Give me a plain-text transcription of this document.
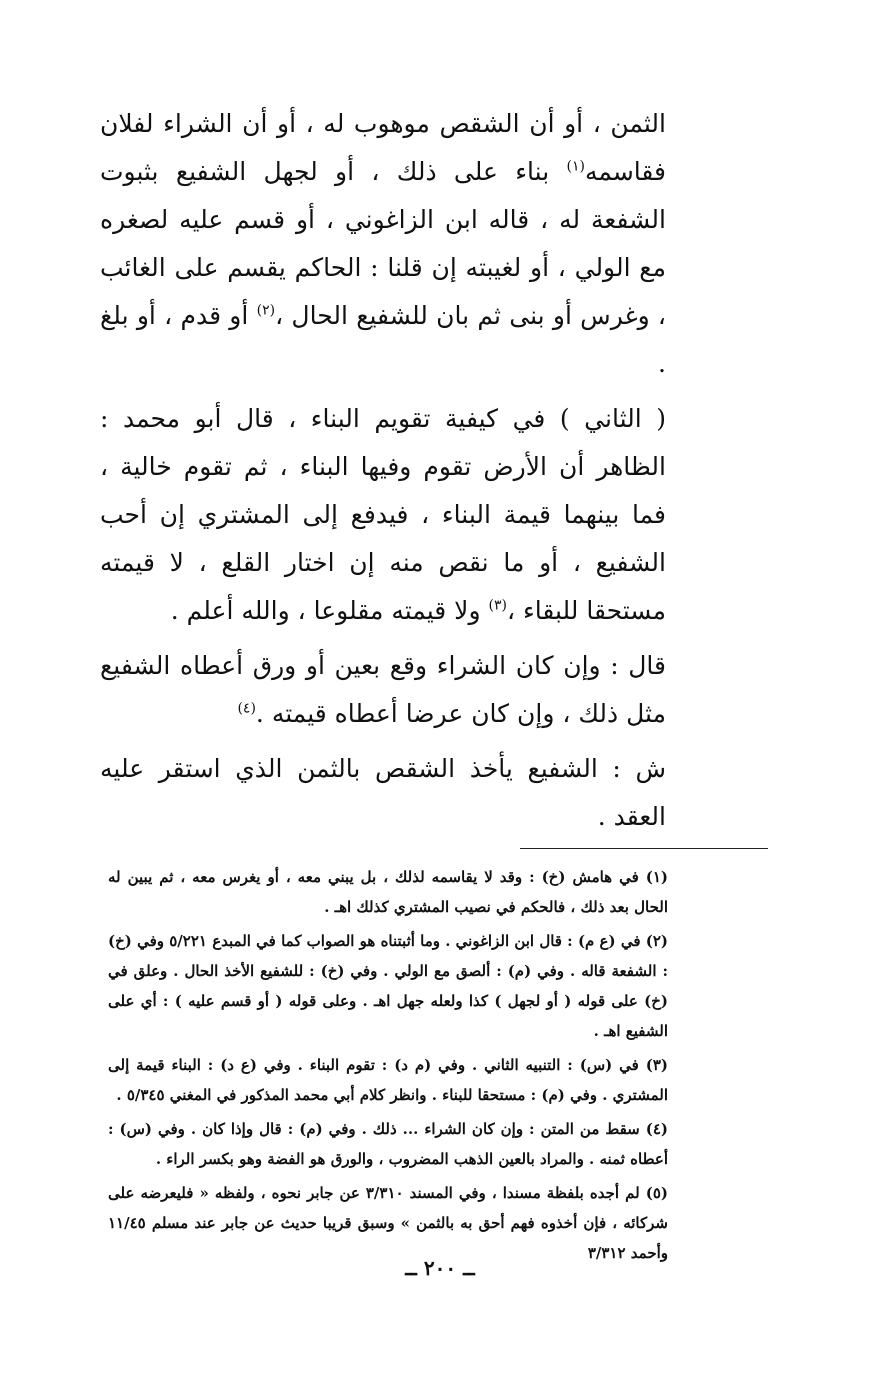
الثمن ، أو أن الشقص موهوب له ، أو أن الشراء لفلان فقاسمه$^{(١)}$ بناء على ذلك ، أو لجهل الشفيع بثبوت الشفعة له ، قاله ابن الزاغوني ، أو قسم عليه لصغره مع الولي ، أو لغيبته إن قلنا : الحاكم يقسم على الغائب ، وغرس أو بنى ثم بان للشفيع الحال ،$^{(٢)}$ أو قدم ، أو بلغ .

( الثاني ) في كيفية تقويم البناء ، قال أبو محمد : الظاهر أن الأرض تقوم وفيها البناء ، ثم تقوم خالية ، فما بينهما قيمة البناء ، فيدفع إلى المشتري إن أحب الشفيع ، أو ما نقص منه إن اختار القلع ، لا قيمته مستحقا للبقاء ،$^{(٣)}$ ولا قيمته مقلوعا ، والله أعلم .

قال : وإن كان الشراء وقع بعين أو ورق أعطاه الشفيع مثل ذلك ، وإن كان عرضا أعطاه قيمته .$^{(٤)}$

ش : الشفيع يأخذ الشقص بالثمن الذي استقر عليه العقد .

(١) في هامش (خ) : وقد لا يقاسمه لذلك ، بل يبني معه ، أو يغرس معه ، ثم يبين له الحال بعد ذلك ، فالحكم في نصيب المشتري كذلك اهـ .

(٢) في (ع م) : قال ابن الزاغوني . وما أثبتناه هو الصواب كما في المبدع ٥/٢٢١ وفي (خ) : الشفعة قاله . وفي (م) : ألصق مع الولي . وفي (خ) : للشفيع الأخذ الحال . وعلق في (خ) على قوله ( أو لجهل ) كذا ولعله جهل اهـ . وعلى قوله ( أو قسم عليه ) : أي على الشفيع اهـ .

(٣) في (س) : التنبيه الثاني . وفي (م د) : تقوم البناء . وفي (ع د) : البناء قيمة إلى المشتري . وفي (م) : مستحقا للبناء . وانظر كلام أبي محمد المذكور في المغني ٥/٣٤٥ .

(٤) سقط من المتن : وإن كان الشراء ... ذلك . وفي (م) : قال وإذا كان . وفي (س) : أعطاه ثمنه . والمراد بالعين الذهب المضروب ، والورق هو الفضة وهو بكسر الراء .

(٥) لم أجده بلفظة مسندا ، وفي المسند ٣/٣١٠ عن جابر نحوه ، ولفظه « فليعرضه على شركائه ، فإن أخذوه فهم أحق به بالثمن » وسبق قريبا حديث عن جابر عند مسلم ١١/٤٥ وأحمد ٣/٣١٢

ــ ٢٠٠ ــ
